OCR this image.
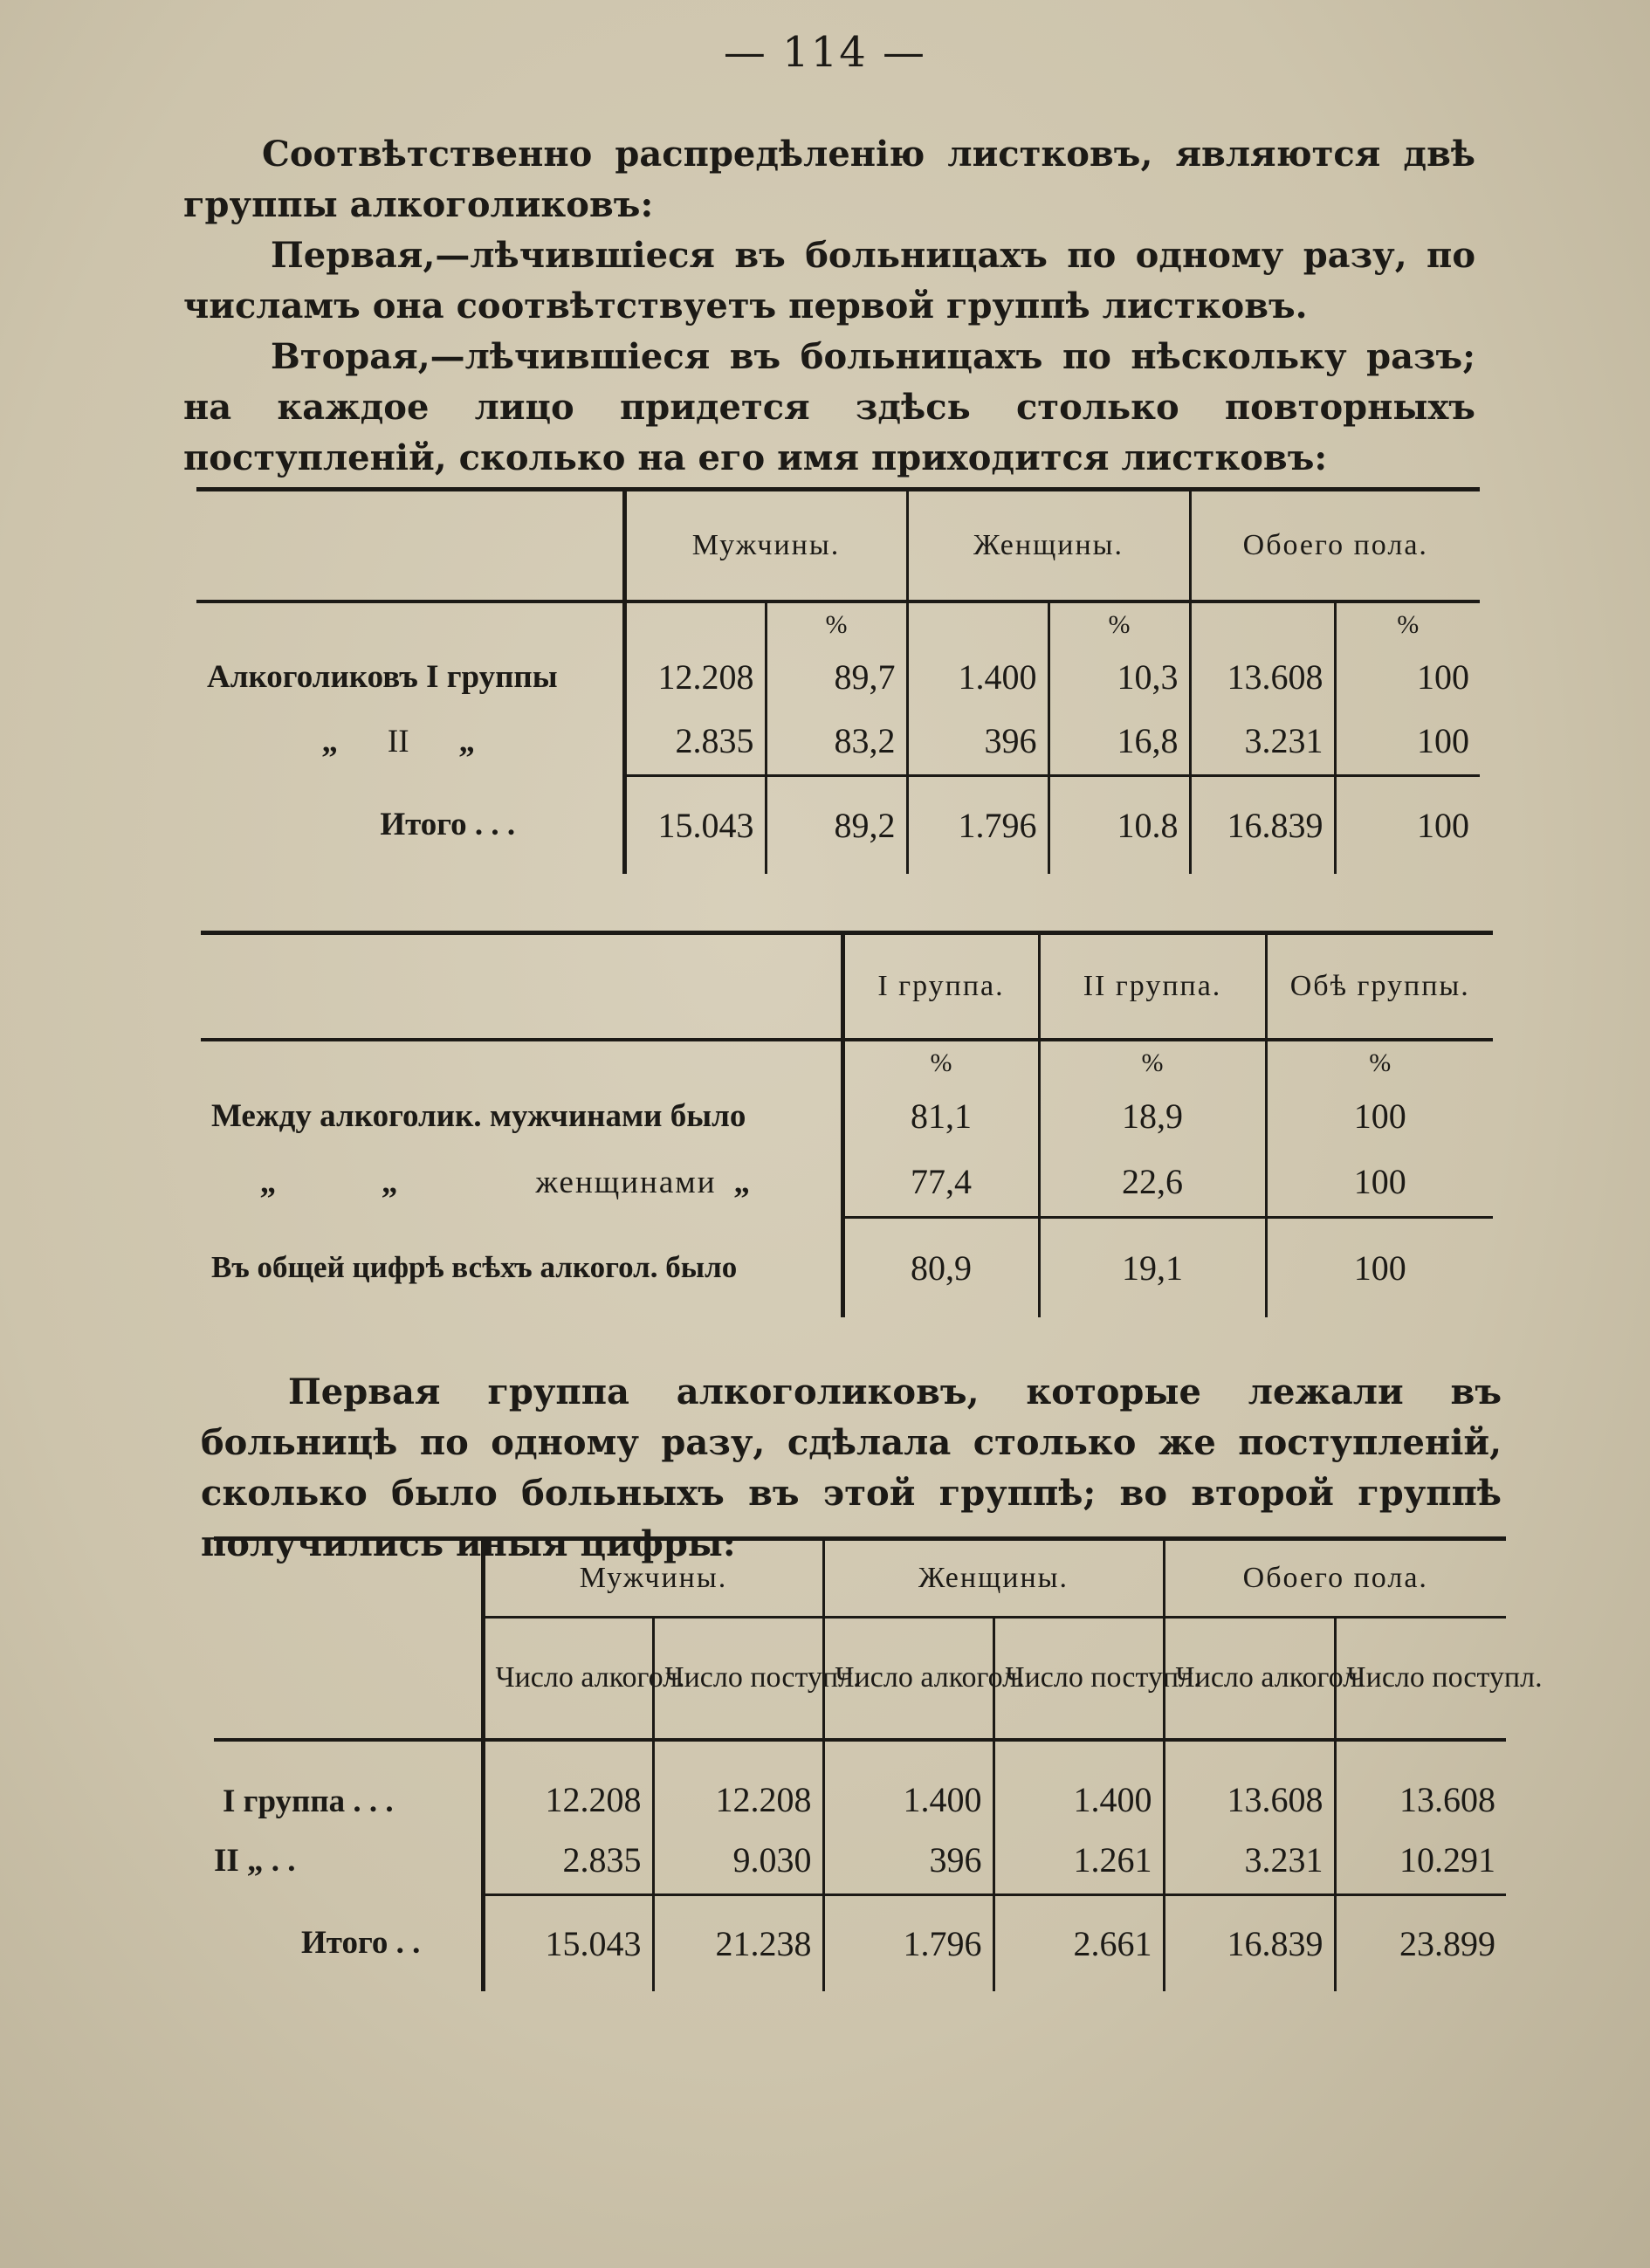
— 114 —

Соотвѣтственно распредѣленію листковъ, являются двѣ группы алкоголиковъ:

Первая,—лѣчившіеся въ больницахъ по одному разу, по числамъ она соотвѣтствуетъ первой группѣ листковъ.

Вторая,—лѣчившіеся въ больницахъ по нѣскольку разъ; на каждое лицо придется здѣсь столько повторныхъ поступленій, сколько на его имя приходится листковъ:

	Мужчины.		Женщины.		Обоего пола.	
		%		%		%
Алкоголиковъ I группы	12.208	89,7	1.400	10,3	13.608	100
„ II „	2.835	83,2	396	16,8	3.231	100
Итого . . .	15.043	89,2	1.796	10.8	16.839	100
	I группа.	II группа.	Обѣ группы.
	%	%	%
Между алкоголик. мужчинами было	81,1	18,9	100
„ „ женщинами „	77,4	22,6	100
Въ общей цифрѣ всѣхъ алкогол. было	80,9	19,1	100

Первая группа алкоголиковъ, которые лежали въ больницѣ по одному разу, сдѣлала столько же поступленій, сколько было больныхъ въ этой группѣ; во второй группѣ получились иныя цифры:

	Мужчины.		Женщины.		Обоего пола.	
	Число алкогол.	Число поступл.	Число алкогол.	Число поступл.	Число алкогол.	Число поступл.
I группа . . .	12.208	12.208	1.400	1.400	13.608	13.608
II „ . .	2.835	9.030	396	1.261	3.231	10.291
Итого . .	15.043	21.238	1.796	2.661	16.839	23.899
